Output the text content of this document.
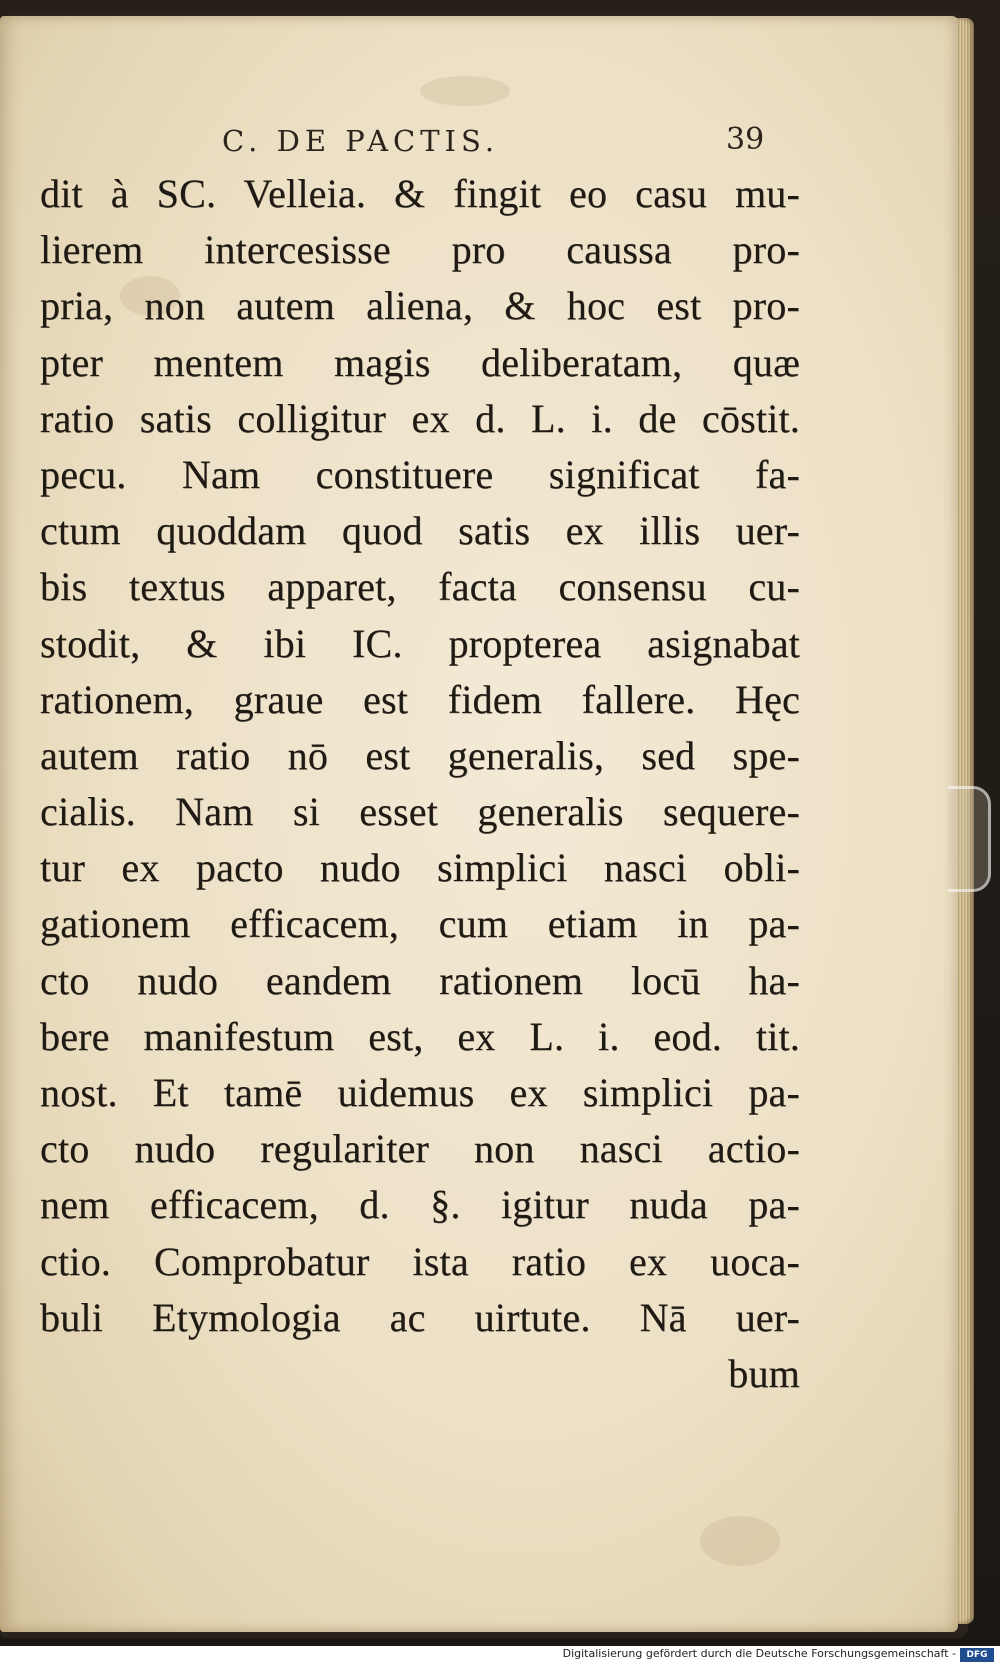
C. DE PACTIS.	39
dit à SC. Velleia. & fingit eo casu mu-
lierem intercesisse pro caussa pro-
pria, non autem aliena, & hoc est pro-
pter mentem magis deliberatam, quæ
ratio satis colligitur ex d. L. i. de cōstit.
pecu. Nam constituere significat fa-
ctum quoddam quod satis ex illis uer-
bis textus apparet, facta consensu cu-
stodit, & ibi IC. propterea asignabat
rationem, graue est fidem fallere. Hęc
autem ratio nō est generalis, sed spe-
cialis. Nam si esset generalis sequere-
tur ex pacto nudo simplici nasci obli-
gationem efficacem, cum etiam in pa-
cto nudo eandem rationem locū ha-
bere manifestum est, ex L. i. eod. tit.
nost. Et tamē uidemus ex simplici pa-
cto nudo regulariter non nasci actio-
nem efficacem, d. §. igitur nuda pa-
ctio. Comprobatur ista ratio ex uoca-
buli Etymologia ac uirtute. Nā uer-
bum
Digitalisierung gefördert durch die Deutsche Forschungsgemeinschaft -	DFG
